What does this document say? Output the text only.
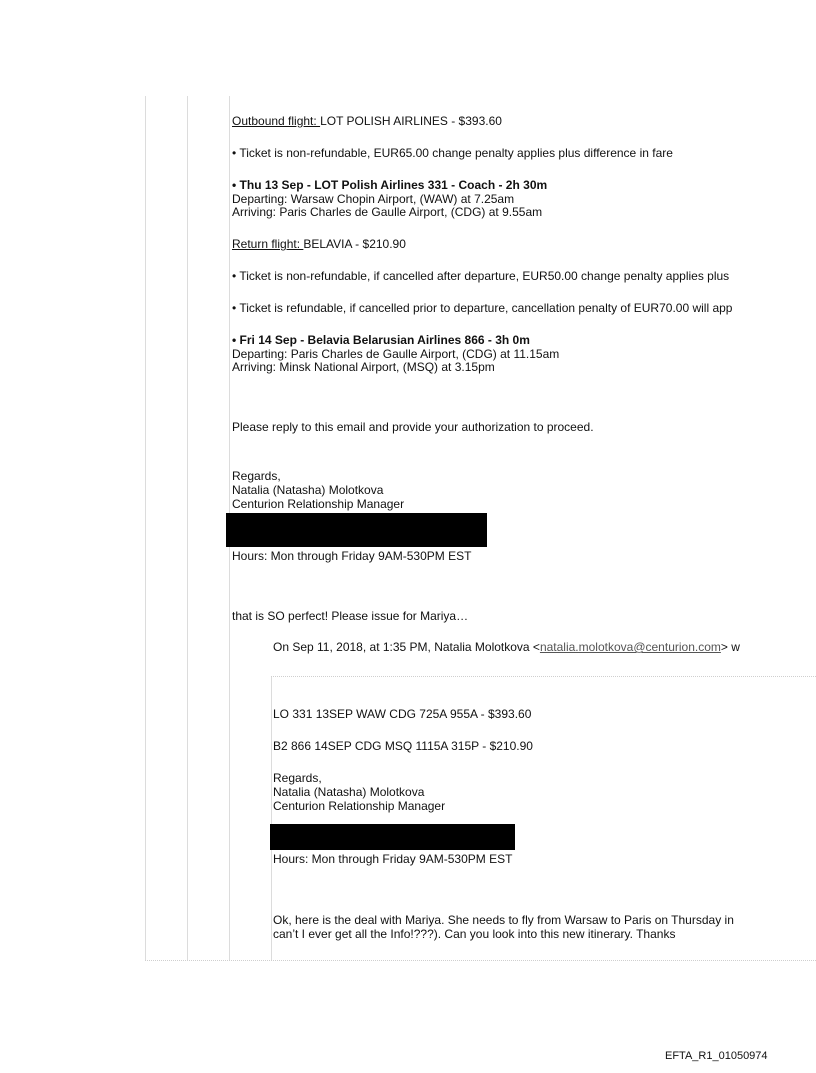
Outbound flight: LOT POLISH AIRLINES - $393.60
• Ticket is non-refundable, EUR65.00 change penalty applies plus difference in fare
• Thu 13 Sep - LOT Polish Airlines 331 - Coach - 2h 30m
Departing: Warsaw Chopin Airport, (WAW) at 7.25am
Arriving: Paris Charles de Gaulle Airport, (CDG) at 9.55am
Return flight: BELAVIA - $210.90
• Ticket is non-refundable, if cancelled after departure, EUR50.00 change penalty applies plus
• Ticket is refundable, if cancelled prior to departure, cancellation penalty of EUR70.00 will app
• Fri 14 Sep - Belavia Belarusian Airlines 866 - 3h 0m
Departing: Paris Charles de Gaulle Airport, (CDG) at 11.15am
Arriving: Minsk National Airport, (MSQ) at 3.15pm
Please reply to this email and provide your authorization to proceed.
Regards,
Natalia (Natasha) Molotkova
Centurion Relationship Manager
Hours: Mon through Friday 9AM-530PM EST
that is SO perfect! Please issue for Mariya…
On Sep 11, 2018, at 1:35 PM, Natalia Molotkova <natalia.molotkova@centurion.com> w
LO 331 13SEP WAW CDG 725A 955A - $393.60
B2 866 14SEP CDG MSQ 1115A 315P - $210.90
Regards,
Natalia (Natasha) Molotkova
Centurion Relationship Manager
Hours: Mon through Friday 9AM-530PM EST
Ok, here is the deal with Mariya. She needs to fly from Warsaw to Paris on Thursday in
can’t I ever get all the Info!???). Can you look into this new itinerary. Thanks
EFTA_R1_01050974
